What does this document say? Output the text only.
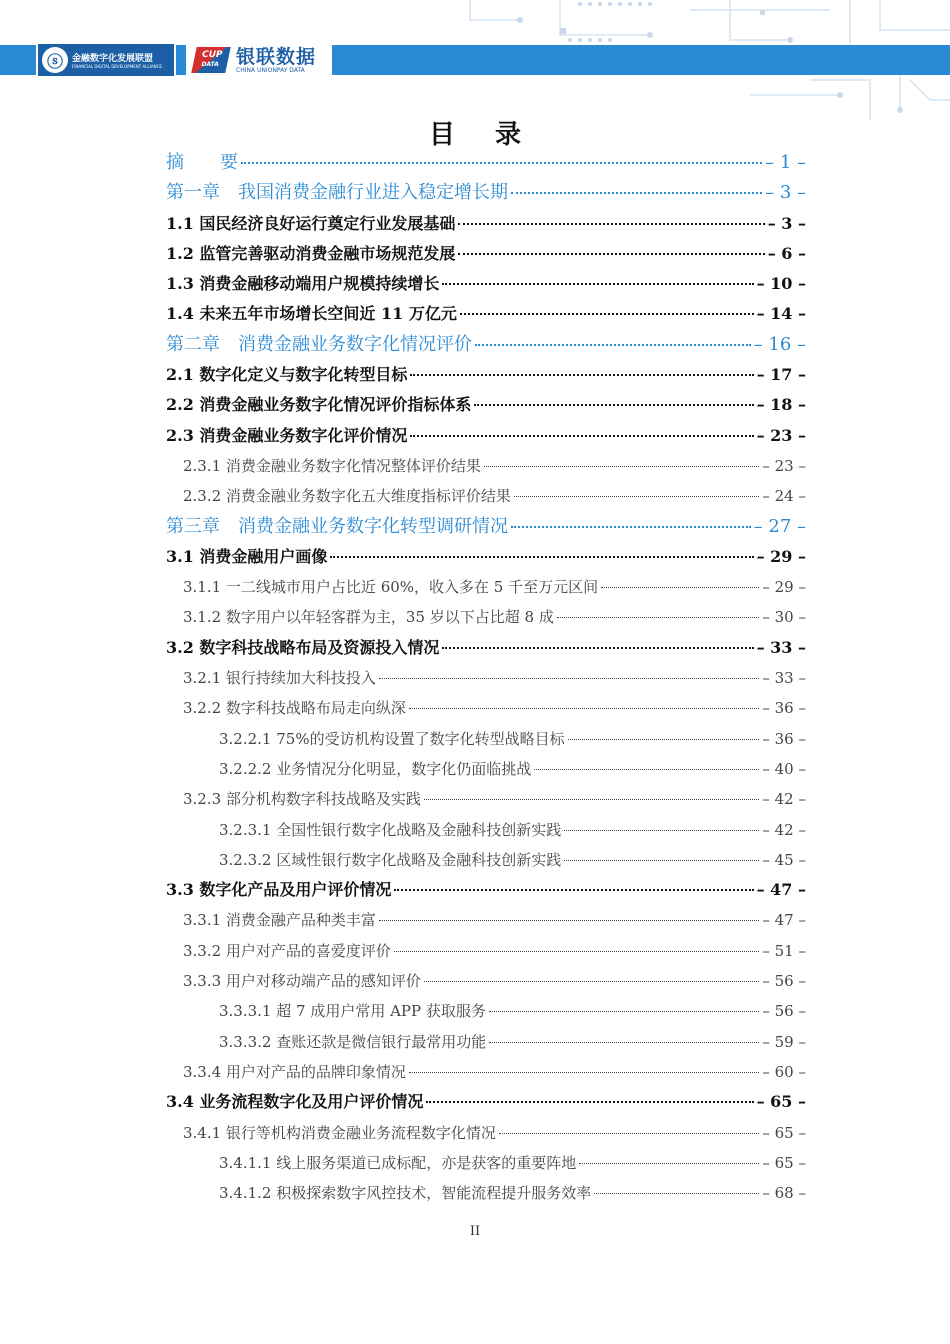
ⓢ	金融数字化发展联盟
FINANCIAL DIGITAL DEVELOPMENT ALLIANCE
CUP
DATA 银联数据
CHINA UNIONPAY DATA
目录
摘　　要	– 1 –
第一章　我国消费金融行业进入稳定增长期	– 3 –
1.1 国民经济良好运行奠定行业发展基础	– 3 –
1.2 监管完善驱动消费金融市场规范发展	– 6 –
1.3 消费金融移动端用户规模持续增长	– 10 –
1.4 未来五年市场增长空间近 11 万亿元	– 14 –
第二章　消费金融业务数字化情况评价	– 16 –
2.1 数字化定义与数字化转型目标	– 17 –
2.2 消费金融业务数字化情况评价指标体系	– 18 –
2.3 消费金融业务数字化评价情况	– 23 –
2.3.1 消费金融业务数字化情况整体评价结果	– 23 –
2.3.2 消费金融业务数字化五大维度指标评价结果	– 24 –
第三章　消费金融业务数字化转型调研情况	– 27 –
3.1 消费金融用户画像	– 29 –
3.1.1 一二线城市用户占比近 60%，收入多在 5 千至万元区间	– 29 –
3.1.2 数字用户以年轻客群为主，35 岁以下占比超 8 成	– 30 –
3.2 数字科技战略布局及资源投入情况	– 33 –
3.2.1 银行持续加大科技投入	– 33 –
3.2.2 数字科技战略布局走向纵深	– 36 –
3.2.2.1 75%的受访机构设置了数字化转型战略目标	– 36 –
3.2.2.2 业务情况分化明显，数字化仍面临挑战	– 40 –
3.2.3 部分机构数字科技战略及实践	– 42 –
3.2.3.1 全国性银行数字化战略及金融科技创新实践	– 42 –
3.2.3.2 区域性银行数字化战略及金融科技创新实践	– 45 –
3.3 数字化产品及用户评价情况	– 47 –
3.3.1 消费金融产品种类丰富	– 47 –
3.3.2 用户对产品的喜爱度评价	– 51 –
3.3.3 用户对移动端产品的感知评价	– 56 –
3.3.3.1 超 7 成用户常用 APP 获取服务	– 56 –
3.3.3.2 查账还款是微信银行最常用功能	– 59 –
3.3.4 用户对产品的品牌印象情况	– 60 –
3.4 业务流程数字化及用户评价情况	– 65 –
3.4.1 银行等机构消费金融业务流程数字化情况	– 65 –
3.4.1.1 线上服务渠道已成标配，亦是获客的重要阵地	– 65 –
3.4.1.2 积极探索数字风控技术，智能流程提升服务效率	– 68 –
II
